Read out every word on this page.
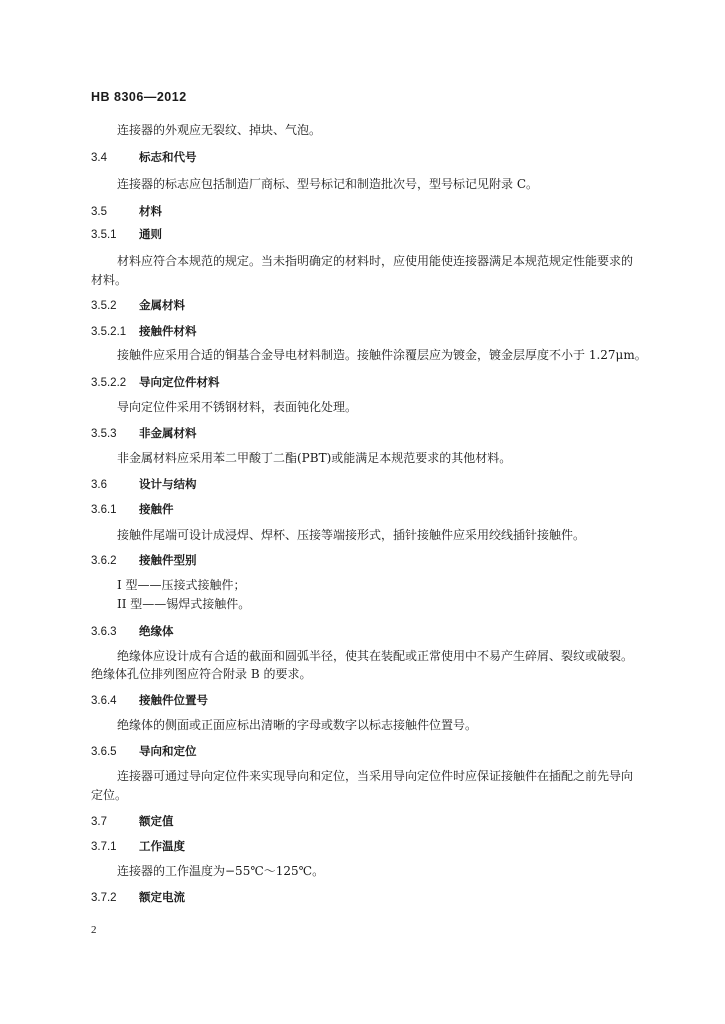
HB 8306—2012
连接器的外观应无裂纹、掉块、气泡。
3.4	标志和代号
连接器的标志应包括制造厂商标、型号标记和制造批次号，型号标记见附录 C。
3.5	材料
3.5.1 通则
材料应符合本规范的规定。当未指明确定的材料时，应使用能使连接器满足本规范规定性能要求的
材料。
3.5.2 金属材料
3.5.2.1 接触件材料
接触件应采用合适的铜基合金导电材料制造。接触件涂覆层应为镀金，镀金层厚度不小于 1.27μm。
3.5.2.2 导向定位件材料
导向定位件采用不锈钢材料，表面钝化处理。
3.5.3 非金属材料
非金属材料应采用苯二甲酸丁二酯(PBT)或能满足本规范要求的其他材料。
3.6	设计与结构
3.6.1 接触件
接触件尾端可设计成浸焊、焊杯、压接等端接形式，插针接触件应采用绞线插针接触件。
3.6.2 接触件型别
I 型——压接式接触件；
II 型——锡焊式接触件。
3.6.3 绝缘体
绝缘体应设计成有合适的截面和圆弧半径，使其在装配或正常使用中不易产生碎屑、裂纹或破裂。
绝缘体孔位排列图应符合附录 B 的要求。
3.6.4 接触件位置号
绝缘体的侧面或正面应标出清晰的字母或数字以标志接触件位置号。
3.6.5 导向和定位
连接器可通过导向定位件来实现导向和定位，当采用导向定位件时应保证接触件在插配之前先导向
定位。
3.7	额定值
3.7.1 工作温度
连接器的工作温度为−55℃～125℃。
3.7.2 额定电流
2
